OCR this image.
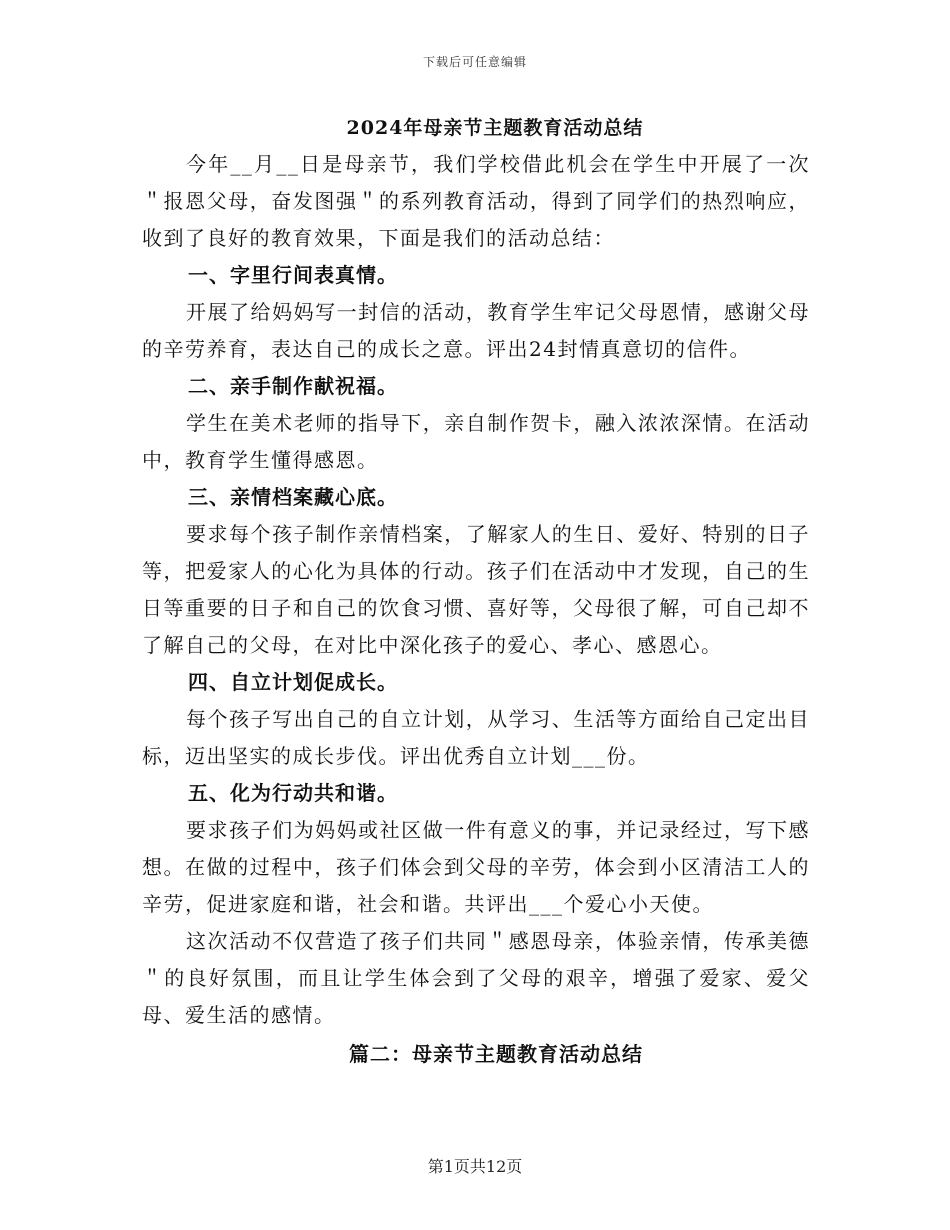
下载后可任意编辑
2024年母亲节主题教育活动总结

今年__月__日是母亲节，我们学校借此机会在学生中开展了一次＂报恩父母，奋发图强＂的系列教育活动，得到了同学们的热烈响应，收到了良好的教育效果，下面是我们的活动总结：

一、字里行间表真情。

开展了给妈妈写一封信的活动，教育学生牢记父母恩情，感谢父母的辛劳养育，表达自己的成长之意。评出24封情真意切的信件。

二、亲手制作献祝福。

学生在美术老师的指导下，亲自制作贺卡，融入浓浓深情。在活动中，教育学生懂得感恩。

三、亲情档案藏心底。

要求每个孩子制作亲情档案，了解家人的生日、爱好、特别的日子等，把爱家人的心化为具体的行动。孩子们在活动中才发现，自己的生日等重要的日子和自己的饮食习惯、喜好等，父母很了解，可自己却不了解自己的父母，在对比中深化孩子的爱心、孝心、感恩心。

四、自立计划促成长。

每个孩子写出自己的自立计划，从学习、生活等方面给自己定出目标，迈出坚实的成长步伐。评出优秀自立计划___份。

五、化为行动共和谐。

要求孩子们为妈妈或社区做一件有意义的事，并记录经过，写下感想。在做的过程中，孩子们体会到父母的辛劳，体会到小区清洁工人的辛劳，促进家庭和谐，社会和谐。共评出___个爱心小天使。

这次活动不仅营造了孩子们共同＂感恩母亲，体验亲情，传承美德＂的良好氛围，而且让学生体会到了父母的艰辛，增强了爱家、爱父母、爱生活的感情。

篇二：母亲节主题教育活动总结

第1页共12页
